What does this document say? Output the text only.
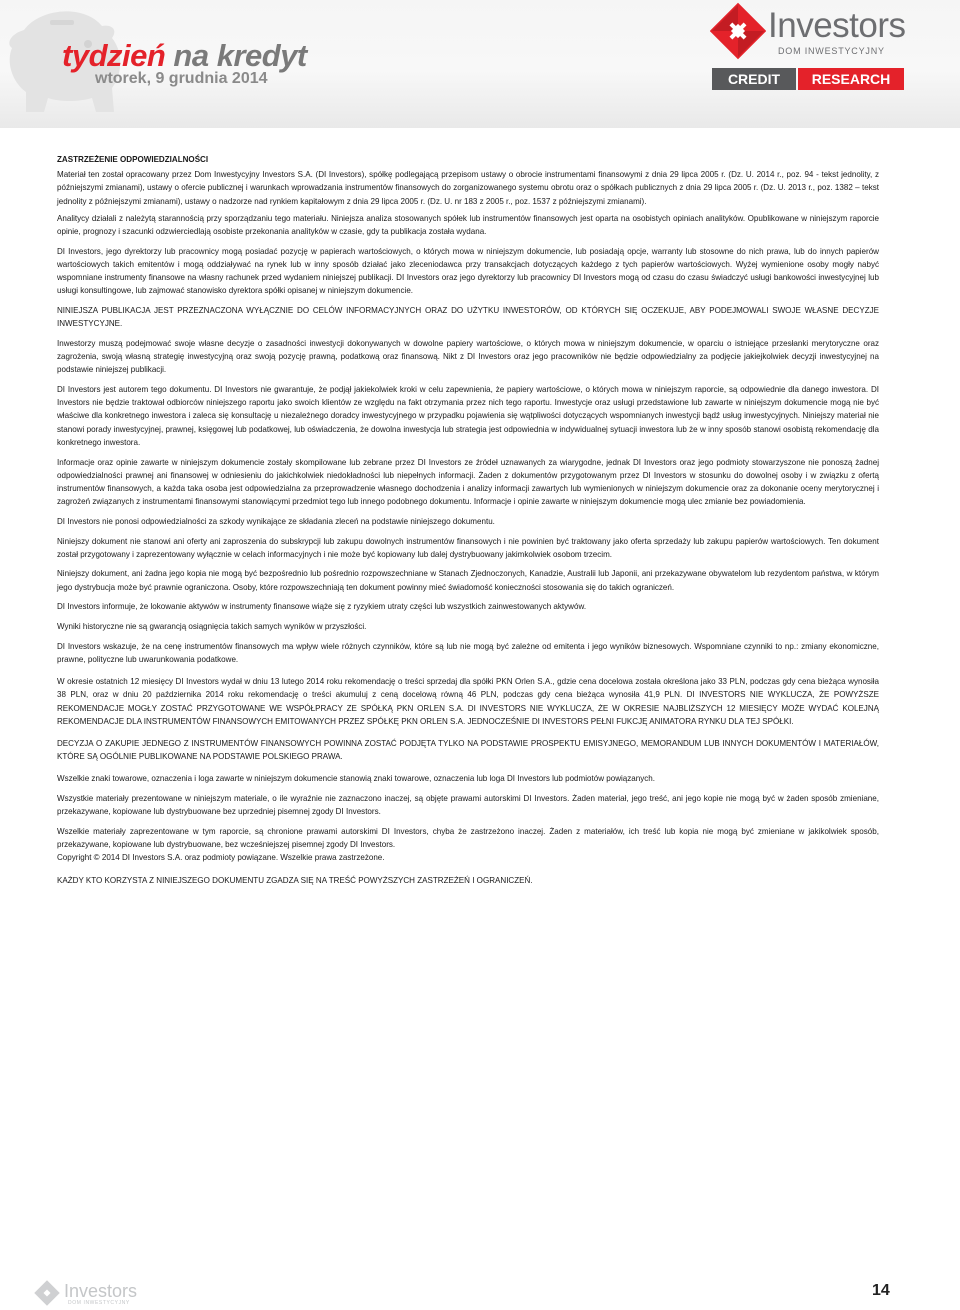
tydzień na kredyt
wtorek, 9 grudnia 2014
Investors
DOM INWESTYCYJNY
CREDIT	RESEARCH

ZASTRZEŻENIE ODPOWIEDZIALNOŚCI

Materiał ten został opracowany przez Dom Inwestycyjny Investors S.A. (DI Investors), spółkę podlegającą przepisom ustawy o obrocie instrumentami finansowymi z dnia 29 lipca 2005 r. (Dz. U. 2014 r., poz. 94 - tekst jednolity, z późniejszymi zmianami), ustawy o ofercie publicznej i warunkach wprowadzania instrumentów finansowych do zorganizowanego systemu obrotu oraz o spółkach publicznych z dnia 29 lipca 2005 r. (Dz. U. 2013 r., poz. 1382 – tekst jednolity z późniejszymi zmianami), ustawy o nadzorze nad rynkiem kapitałowym z dnia 29 lipca 2005 r. (Dz. U. nr 183 z 2005 r., poz. 1537 z późniejszymi zmianami).

Analitycy działali z należytą starannością przy sporządzaniu tego materiału. Niniejsza analiza stosowanych spółek lub instrumentów finansowych jest oparta na osobistych opiniach analityków. Opublikowane w niniejszym raporcie opinie, prognozy i szacunki odzwierciedlają osobiste przekonania analityków w czasie, gdy ta publikacja została wydana.

DI Investors, jego dyrektorzy lub pracownicy mogą posiadać pozycję w papierach wartościowych, o których mowa w niniejszym dokumencie, lub posiadają opcje, warranty lub stosowne do nich prawa, lub do innych papierów wartościowych takich emitentów i mogą oddziaływać na rynek lub w inny sposób działać jako zleceniodawca przy transakcjach dotyczących każdego z tych papierów wartościowych. Wyżej wymienione osoby mogły nabyć wspomniane instrumenty finansowe na własny rachunek przed wydaniem niniejszej publikacji. DI Investors oraz jego dyrektorzy lub pracownicy DI Investors mogą od czasu do czasu świadczyć usługi bankowości inwestycyjnej lub usługi konsultingowe, lub zajmować stanowisko dyrektora spółki opisanej w niniejszym dokumencie.

NINIEJSZA PUBLIKACJA JEST PRZEZNACZONA WYŁĄCZNIE DO CELÓW INFORMACYJNYCH ORAZ DO UŻYTKU INWESTORÓW, OD KTÓRYCH SIĘ OCZEKUJE, ABY PODEJMOWALI SWOJE WŁASNE DECYZJE INWESTYCYJNE.

Inwestorzy muszą podejmować swoje własne decyzje o zasadności inwestycji dokonywanych w dowolne papiery wartościowe, o których mowa w niniejszym dokumencie, w oparciu o istniejące przesłanki merytoryczne oraz zagrożenia, swoją własną strategię inwestycyjną oraz swoją pozycję prawną, podatkową oraz finansową. Nikt z DI Investors oraz jego pracowników nie będzie odpowiedzialny za podjęcie jakiejkolwiek decyzji inwestycyjnej na podstawie niniejszej publikacji.

DI Investors jest autorem tego dokumentu. DI Investors nie gwarantuje, że podjął jakiekolwiek kroki w celu zapewnienia, że papiery wartościowe, o których mowa w niniejszym raporcie, są odpowiednie dla danego inwestora. DI Investors nie będzie traktował odbiorców niniejszego raportu jako swoich klientów ze względu na fakt otrzymania przez nich tego raportu. Inwestycje oraz usługi przedstawione lub zawarte w niniejszym dokumencie mogą nie być właściwe dla konkretnego inwestora i zaleca się konsultację u niezależnego doradcy inwestycyjnego w przypadku pojawienia się wątpliwości dotyczących wspomnianych inwestycji bądź usług inwestycyjnych. Niniejszy materiał nie stanowi porady inwestycyjnej, prawnej, księgowej lub podatkowej, lub oświadczenia, że dowolna inwestycja lub strategia jest odpowiednia w indywidualnej sytuacji inwestora lub że w inny sposób stanowi osobistą rekomendację dla konkretnego inwestora.

Informacje oraz opinie zawarte w niniejszym dokumencie zostały skompilowane lub zebrane przez DI Investors ze źródeł uznawanych za wiarygodne, jednak DI Investors oraz jego podmioty stowarzyszone nie ponoszą żadnej odpowiedzialności prawnej ani finansowej w odniesieniu do jakichkolwiek niedokładności lub niepełnych informacji. Żaden z dokumentów przygotowanym przez DI Investors w stosunku do dowolnej osoby i w związku z ofertą instrumentów finansowych, a każda taka osoba jest odpowiedzialna za przeprowadzenie własnego dochodzenia i analizy informacji zawartych lub wymienionych w niniejszym dokumencie oraz za dokonanie oceny merytorycznej i zagrożeń związanych z instrumentami finansowymi stanowiącymi przedmiot tego lub innego podobnego dokumentu. Informacje i opinie zawarte w niniejszym dokumencie mogą ulec zmianie bez powiadomienia.

DI Investors nie ponosi odpowiedzialności za szkody wynikające ze składania zleceń na podstawie niniejszego dokumentu.

Niniejszy dokument nie stanowi ani oferty ani zaproszenia do subskrypcji lub zakupu dowolnych instrumentów finansowych i nie powinien być traktowany jako oferta sprzedaży lub zakupu papierów wartościowych. Ten dokument został przygotowany i zaprezentowany wyłącznie w celach informacyjnych i nie może być kopiowany lub dalej dystrybuowany jakimkolwiek osobom trzecim.

Niniejszy dokument, ani żadna jego kopia nie mogą być bezpośrednio lub pośrednio rozpowszechniane w Stanach Zjednoczonych, Kanadzie, Australii lub Japonii, ani przekazywane obywatelom lub rezydentom państwa, w którym jego dystrybucja może być prawnie ograniczona. Osoby, które rozpowszechniają ten dokument powinny mieć świadomość konieczności stosowania się do takich ograniczeń.

DI Investors informuje, że lokowanie aktywów w instrumenty finansowe wiąże się z ryzykiem utraty części lub wszystkich zainwestowanych aktywów.

Wyniki historyczne nie są gwarancją osiągnięcia takich samych wyników w przyszłości.

DI Investors wskazuje, że na cenę instrumentów finansowych ma wpływ wiele różnych czynników, które są lub nie mogą być zależne od emitenta i jego wyników biznesowych. Wspomniane czynniki to np.: zmiany ekonomiczne, prawne, polityczne lub uwarunkowania podatkowe.

W okresie ostatnich 12 miesięcy DI Investors wydał w dniu 13 lutego 2014 roku rekomendację o treści sprzedaj dla spółki PKN Orlen S.A., gdzie cena docelowa została określona jako 33 PLN, podczas gdy cena bieżąca wynosiła 38 PLN, oraz w dniu 20 października 2014 roku rekomendację o treści akumuluj z ceną docelową równą 46 PLN, podczas gdy cena bieżąca wynosiła 41,9 PLN. DI INVESTORS NIE WYKLUCZA, ŻE POWYŻSZE REKOMENDACJE MOGŁY ZOSTAĆ PRZYGOTOWANE WE WSPÓŁPRACY ZE SPÓŁKĄ PKN ORLEN S.A. DI INVESTORS NIE WYKLUCZA, ŻE W OKRESIE NAJBLIŻSZYCH 12 MIESIĘCY MOŻE WYDAĆ KOLEJNĄ REKOMENDACJE DLA INSTRUMENTÓW FINANSOWYCH EMITOWANYCH PRZEZ SPÓŁKĘ PKN ORLEN S.A. JEDNOCZEŚNIE DI INVESTORS PEŁNI FUKCJĘ ANIMATORA RYNKU DLA TEJ SPÓŁKI.

DECYZJA O ZAKUPIE JEDNEGO Z INSTRUMENTÓW FINANSOWYCH POWINNA ZOSTAĆ PODJĘTA TYLKO NA PODSTAWIE PROSPEKTU EMISYJNEGO, MEMORANDUM LUB INNYCH DOKUMENTÓW I MATERIAŁÓW, KTÓRE SĄ OGÓLNIE PUBLIKOWANE NA PODSTAWIE POLSKIEGO PRAWA.

Wszelkie znaki towarowe, oznaczenia i loga zawarte w niniejszym dokumencie stanowią znaki towarowe, oznaczenia lub loga DI Investors lub podmiotów powiązanych.

Wszystkie materiały prezentowane w niniejszym materiale, o ile wyraźnie nie zaznaczono inaczej, są objęte prawami autorskimi DI Investors. Żaden materiał, jego treść, ani jego kopie nie mogą być w żaden sposób zmieniane, przekazywane, kopiowane lub dystrybuowane bez uprzedniej pisemnej zgody DI Investors.

Wszelkie materiały zaprezentowane w tym raporcie, są chronione prawami autorskimi DI Investors, chyba że zastrzeżono inaczej. Żaden z materiałów, ich treść lub kopia nie mogą być zmieniane w jakikolwiek sposób, przekazywane, kopiowane lub dystrybuowane, bez wcześniejszej pisemnej zgody DI Investors.

Copyright © 2014 DI Investors S.A. oraz podmioty powiązane. Wszelkie prawa zastrzeżone.

KAŻDY KTO KORZYSTA Z NINIEJSZEGO DOKUMENTU ZGADZA SIĘ NA TREŚĆ POWYŻSZYCH ZASTRZEŻEŃ I OGRANICZEŃ.

Investors
DOM INWESTYCYJNY
14
